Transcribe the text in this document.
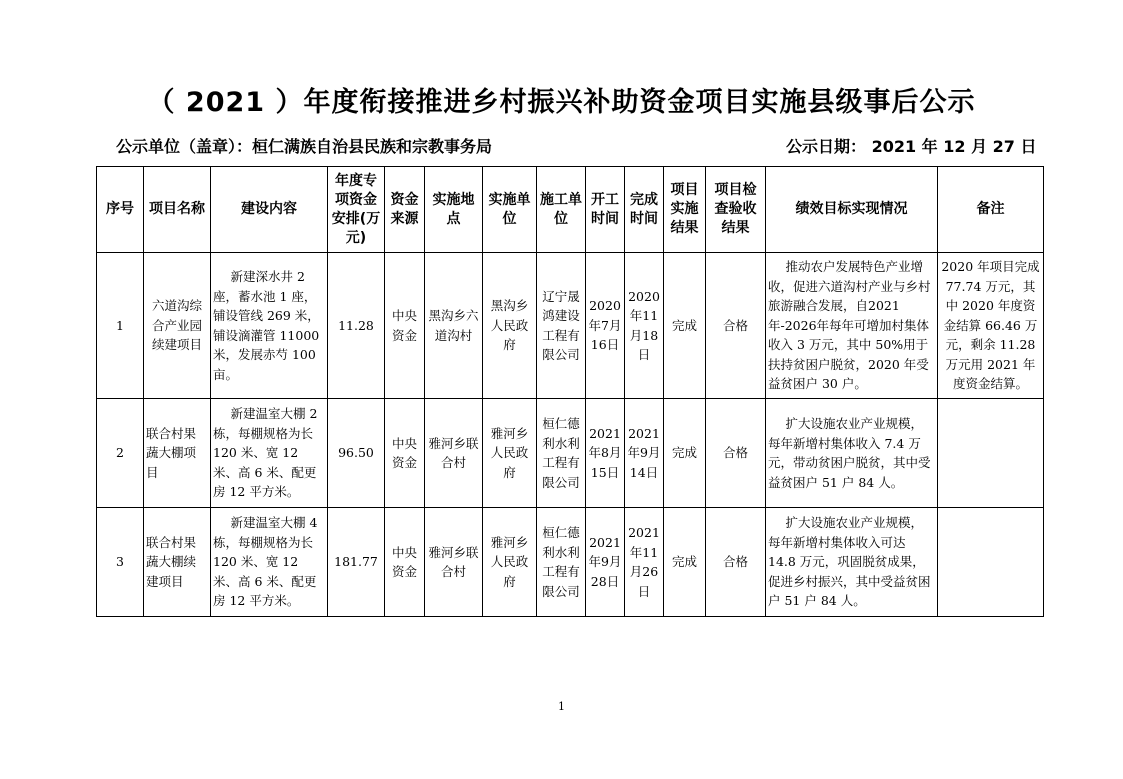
（ 2021 ）年度衔接推进乡村振兴补助资金项目实施县级事后公示
公示单位（盖章）：桓仁满族自治县民族和宗教事务局	公示日期： 2021 年 12 月 27 日
序号	项目名称	建设内容	年度专项资金安排(万元)	资金来源	实施地点	实施单位	施工单位	开工时间	完成时间	项目实施结果	项目检查验收结果	绩效目标实现情况	备注
1	六道沟综合产业园续建项目	新建深水井 2 座，蓄水池 1 座，铺设管线 269 米，铺设滴灌管 11000 米，发展赤芍 100 亩。	11.28	中央资金	黑沟乡六道沟村	黑沟乡人民政府	辽宁晟鸿建设工程有限公司	2020年7月16日	2020年11月18日	完成	合格	推动农户发展特色产业增收，促进六道沟村产业与乡村旅游融合发展，自2021年-2026年每年可增加村集体收入 3 万元，其中 50%用于扶持贫困户脱贫，2020 年受益贫困户 30 户。	2020 年项目完成 77.74 万元，其中 2020 年度资金结算 66.46 万元，剩余 11.28 万元用 2021 年度资金结算。
2	联合村果蔬大棚项目	新建温室大棚 2 栋，每棚规格为长 120 米、宽 12 米、高 6 米、配更房 12 平方米。	96.50	中央资金	雅河乡联合村	雅河乡人民政府	桓仁德利水利工程有限公司	2021年8月15日	2021年9月14日	完成	合格	扩大设施农业产业规模，每年新增村集体收入 7.4 万元，带动贫困户脱贫，其中受益贫困户 51 户 84 人。	
3	联合村果蔬大棚续建项目	新建温室大棚 4 栋，每棚规格为长 120 米、宽 12 米、高 6 米、配更房 12 平方米。	181.77	中央资金	雅河乡联合村	雅河乡人民政府	桓仁德利水利工程有限公司	2021年9月28日	2021年11月26日	完成	合格	扩大设施农业产业规模，每年新增村集体收入可达 14.8 万元，巩固脱贫成果，促进乡村振兴，其中受益贫困户 51 户 84 人。	
1
